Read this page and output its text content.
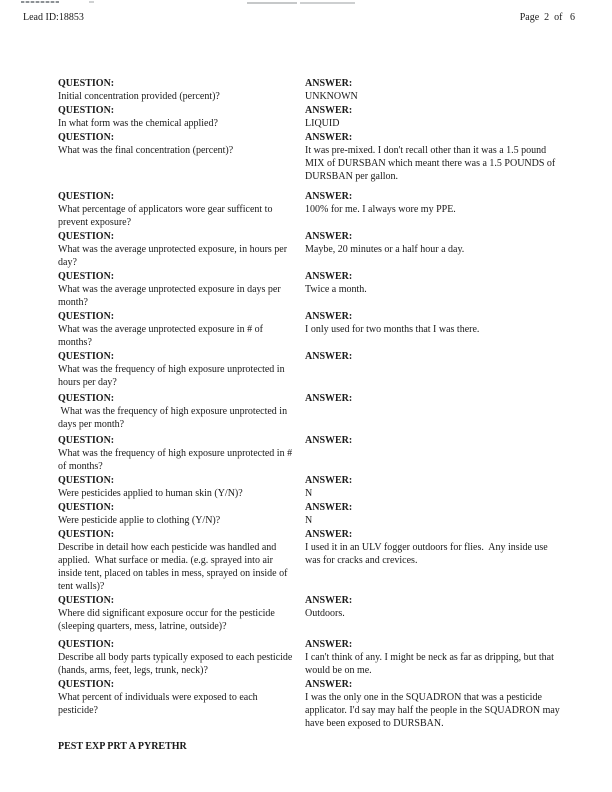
Lead ID:18853	Page  2  of   6
QUESTION:
Initial concentration provided (percent)?
ANSWER:
UNKNOWN
QUESTION:
In what form was the chemical applied?
ANSWER:
LIQUID
QUESTION:
What was the final concentration (percent)?
ANSWER:
It was pre-mixed. I don't recall other than it was a 1.5 pound MIX of DURSBAN which meant there was a 1.5 POUNDS of DURSBAN per gallon.
QUESTION:
What percentage of applicators wore gear sufficent to prevent exposure?
ANSWER:
100% for me. I always wore my PPE.
QUESTION:
What was the average unprotected exposure, in hours per day?
ANSWER:
Maybe, 20 minutes or a half hour a day.
QUESTION:
What was the average unprotected exposure in days per month?
ANSWER:
Twice a month.
QUESTION:
What was the average unprotected exposure in # of months?
ANSWER:
I only used for two months that I was there.
QUESTION:
What was the frequency of high exposure unprotected in hours per day?
ANSWER:
QUESTION:
What was the frequency of high exposure unprotected in days per month?
ANSWER:
QUESTION:
What was the frequency of high exposure unprotected in # of months?
ANSWER:
QUESTION:
Were pesticides applied to human skin (Y/N)?
ANSWER:
N
QUESTION:
Were pesticide applie to clothing (Y/N)?
ANSWER:
N
QUESTION:
Describe in detail how each pesticide was handled and applied.  What surface or media. (e.g. sprayed into air inside tent, placed on tables in mess, sprayed on inside of tent walls)?
ANSWER:
I used it in an ULV fogger outdoors for flies.  Any inside use was for cracks and crevices.
QUESTION:
Where did significant exposure occur for the pesticide (sleeping quarters, mess, latrine, outside)?
ANSWER:
Outdoors.
QUESTION:
Describe all body parts typically exposed to each pesticide (hands, arms, feet, legs, trunk, neck)?
ANSWER:
I can't think of any. I might be neck as far as dripping, but that would be on me.
QUESTION:
What percent of individuals were exposed to each pesticide?
ANSWER:
I was the only one in the SQUADRON that was a pesticide applicator. I'd say may half the people in the SQUADRON may have been exposed to DURSBAN.
PEST EXP PRT A PYRETHR
